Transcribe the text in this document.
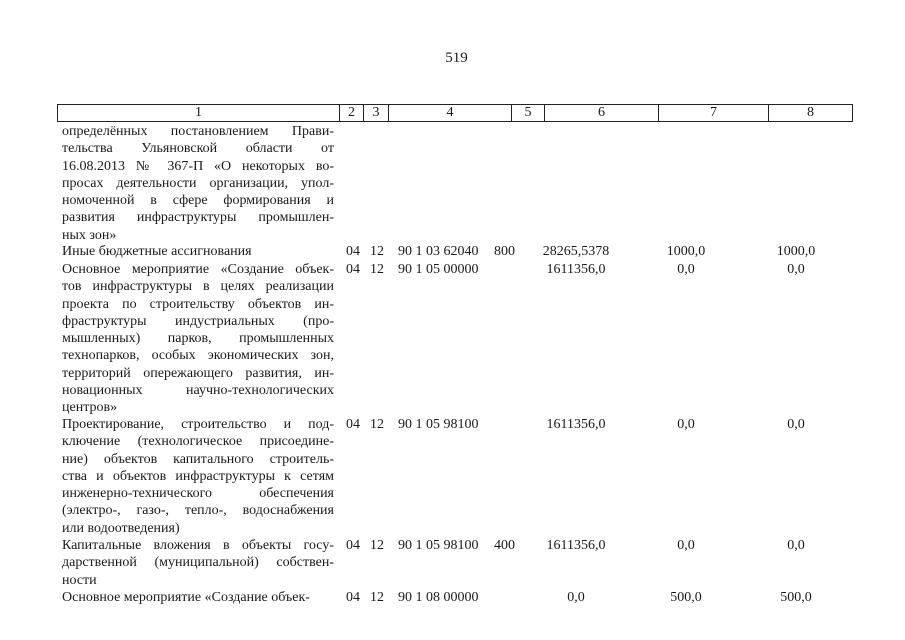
519
1	2	3	4	5	6	7	8
определённых постановлением Прави-
тельства Ульяновской области от
16.08.2013 № 367-П «О некоторых во-
просах деятельности организации, упол-
номоченной в сфере формирования и
развития инфраструктуры промышлен-
ных зон»
Иные бюджетные ассигнования	04 12 90 1 03 62040 800	28265,5378	1000,0	1000,0
Основное мероприятие «Создание объек-
тов инфраструктуры в целях реализации
проекта по строительству объектов ин-
фраструктуры индустриальных (про-
мышленных) парков, промышленных
технопарков, особых экономических зон,
территорий опережающего развития, ин-
новационных научно-технологических
центров»
04 12 90 1 05 00000	1611356,0	0,0	0,0
Проектирование, строительство и под-
ключение (технологическое присоедине-
ние) объектов капитального строитель-
ства и объектов инфраструктуры к сетям
инженерно-технического обеспечения
(электро-, газо-, тепло-, водоснабжения
или водоотведения)
04 12 90 1 05 98100	1611356,0	0,0	0,0
Капитальные вложения в объекты госу-
дарственной (муниципальной) собствен-
ности
04 12 90 1 05 98100 400	1611356,0	0,0	0,0
Основное мероприятие «Создание объек-	04 12 90 1 08 00000	0,0	500,0	500,0
